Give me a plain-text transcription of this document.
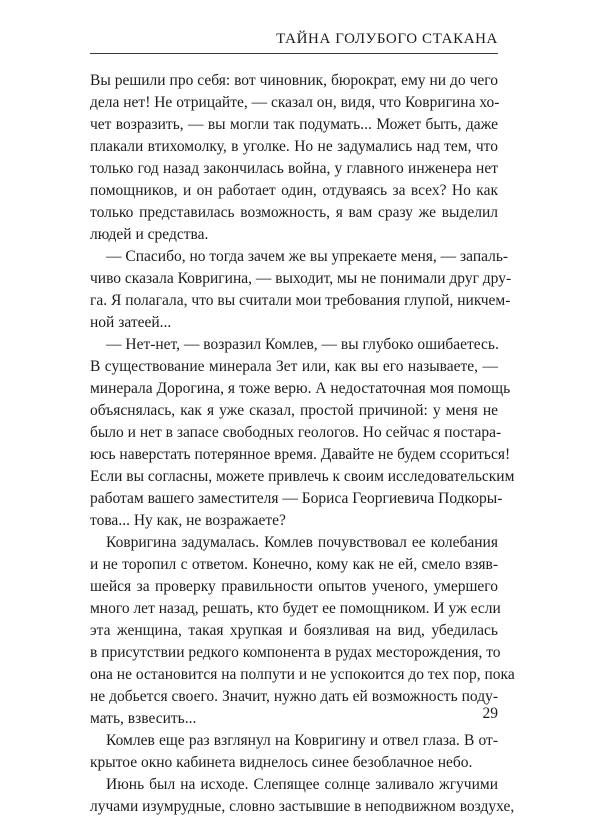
ТАЙНА ГОЛУБОГО СТАКАНА
Вы решили про себя: вот чиновник, бюрократ, ему ни до чего
дела нет! Не отрицайте, — сказал он, видя, что Ковригина хо-
чет возразить, — вы могли так подумать... Может быть, даже
плакали втихомолку, в уголке. Но не задумались над тем, что
только год назад закончилась война, у главного инженера нет
помощников, и он работает один, отдуваясь за всех? Но как
только представилась возможность, я вам сразу же выделил
людей и средства.
— Спасибо, но тогда зачем же вы упрекаете меня, — запаль-
чиво сказала Ковригина, — выходит, мы не понимали друг дру-
га. Я полагала, что вы считали мои требования глупой, никчем-
ной затеей...
— Нет-нет, — возразил Комлев, — вы глубоко ошибаетесь.
В существование минерала Зет или, как вы его называете, —
минерала Дорогина, я тоже верю. А недостаточная моя помощь
объяснялась, как я уже сказал, простой причиной: у меня не
было и нет в запасе свободных геологов. Но сейчас я постара-
юсь наверстать потерянное время. Давайте не будем ссориться!
Если вы согласны, можете привлечь к своим исследовательским
работам вашего заместителя — Бориса Георгиевича Подкоры-
това... Ну как, не возражаете?
Ковригина задумалась. Комлев почувствовал ее колебания
и не торопил с ответом. Конечно, кому как не ей, смело взяв-
шейся за проверку правильности опытов ученого, умершего
много лет назад, решать, кто будет ее помощником. И уж если
эта женщина, такая хрупкая и боязливая на вид, убедилась
в присутствии редкого компонента в рудах месторождения, то
она не остановится на полпути и не успокоится до тех пор, пока
не добьется своего. Значит, нужно дать ей возможность поду-
мать, взвесить...
Комлев еще раз взглянул на Ковригину и отвел глаза. В от-
крытое окно кабинета виднелось синее безоблачное небо.
Июнь был на исходе. Слепящее солнце заливало жгучими
лучами изумрудные, словно застывшие в неподвижном воздухе,
29
